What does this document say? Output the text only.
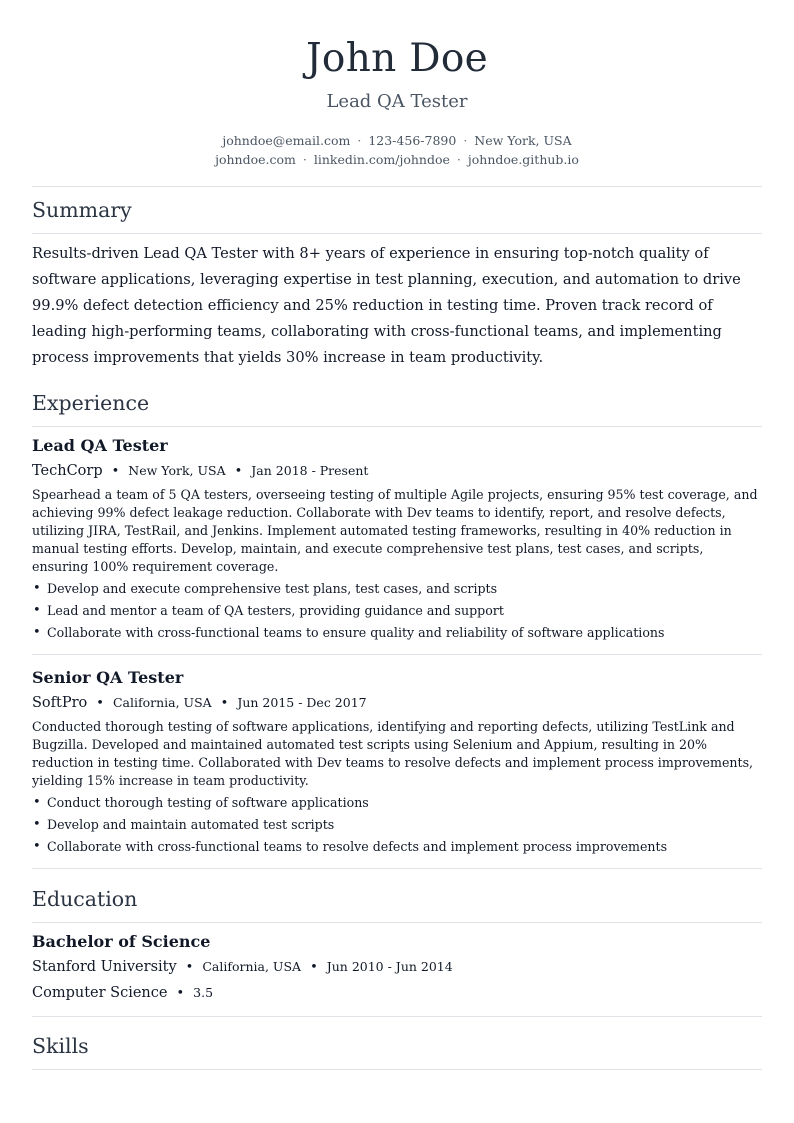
John Doe
Lead QA Tester
johndoe@email.com · 123-456-7890 · New York, USA
johndoe.com · linkedin.com/johndoe · johndoe.github.io
Summary

Results-driven Lead QA Tester with 8+ years of experience in ensuring top-notch quality of software applications, leveraging expertise in test planning, execution, and automation to drive 99.9% defect detection efficiency and 25% reduction in testing time. Proven track record of leading high-performing teams, collaborating with cross-functional teams, and implementing process improvements that yields 30% increase in team productivity.

Experience
Lead QA Tester
TechCorp • New York, USA • Jan 2018 - Present

Spearhead a team of 5 QA testers, overseeing testing of multiple Agile projects, ensuring 95% test coverage, and achieving 99% defect leakage reduction. Collaborate with Dev teams to identify, report, and resolve defects, utilizing JIRA, TestRail, and Jenkins. Implement automated testing frameworks, resulting in 40% reduction in manual testing efforts. Develop, maintain, and execute comprehensive test plans, test cases, and scripts, ensuring 100% requirement coverage.

• Develop and execute comprehensive test plans, test cases, and scripts
• Lead and mentor a team of QA testers, providing guidance and support
• Collaborate with cross-functional teams to ensure quality and reliability of software applications
Senior QA Tester
SoftPro • California, USA • Jun 2015 - Dec 2017

Conducted thorough testing of software applications, identifying and reporting defects, utilizing TestLink and Bugzilla. Developed and maintained automated test scripts using Selenium and Appium, resulting in 20% reduction in testing time. Collaborated with Dev teams to resolve defects and implement process improvements, yielding 15% increase in team productivity.

• Conduct thorough testing of software applications
• Develop and maintain automated test scripts
• Collaborate with cross-functional teams to resolve defects and implement process improvements
Education
Bachelor of Science
Stanford University • California, USA • Jun 2010 - Jun 2014
Computer Science • 3.5
Skills
